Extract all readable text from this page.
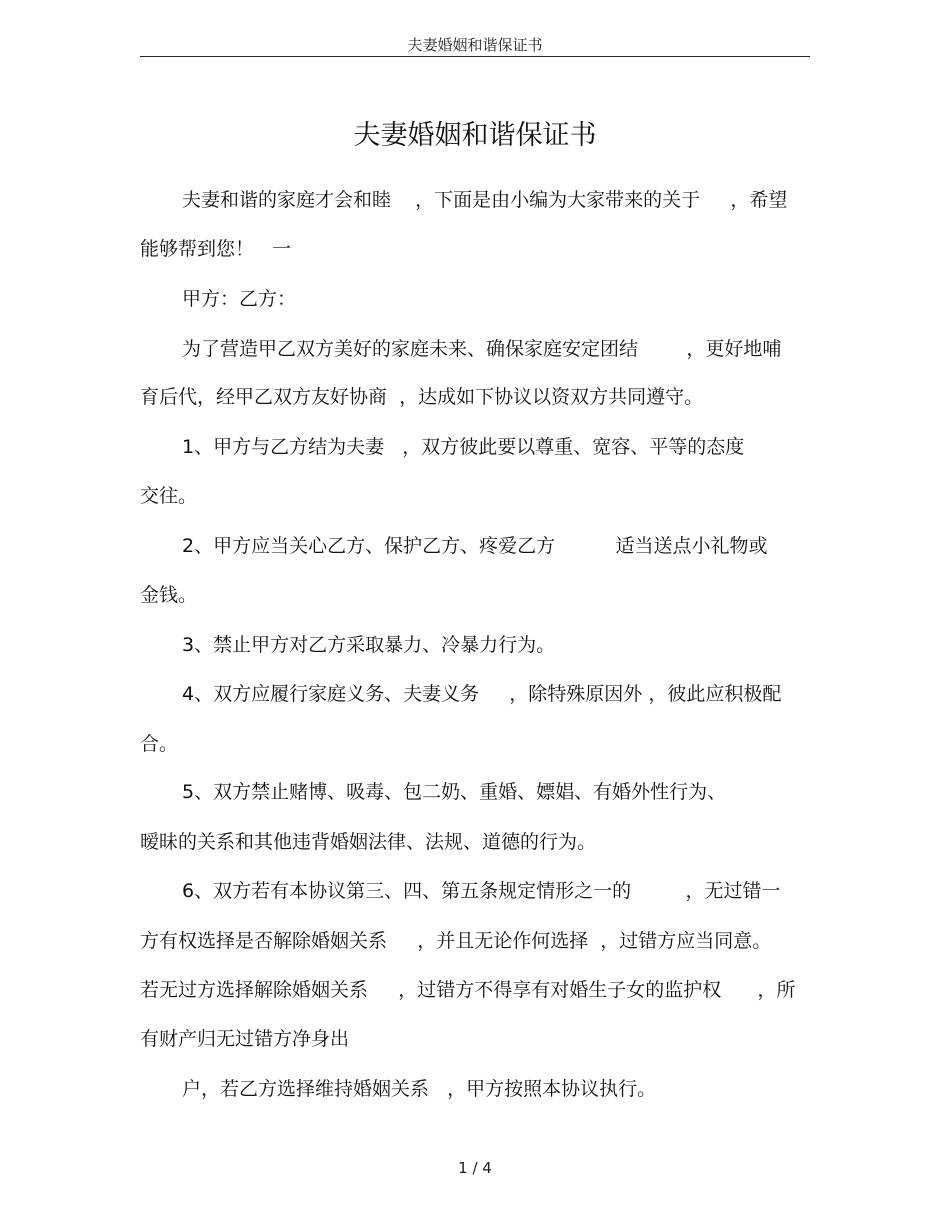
夫妻婚姻和谐保证书
夫妻婚姻和谐保证书
夫妻和谐的家庭才会和睦    ，下面是由小编为大家带来的关于     ，希望
能够帮到您！   一
甲方：乙方：
为了营造甲乙双方美好的家庭未来、确保家庭安定团结        ，更好地哺
育后代，经甲乙双方友好协商  ，达成如下协议以资双方共同遵守。
1、甲方与乙方结为夫妻   ，双方彼此要以尊重、宽容、平等的态度
交往。
2、甲方应当关心乙方、保护乙方、疼爱乙方          适当送点小礼物或
金钱。
3、禁止甲方对乙方采取暴力、冷暴力行为。
4、双方应履行家庭义务、夫妻义务     ，除特殊原因外 ，彼此应积极配
合。
5、双方禁止赌博、吸毒、包二奶、重婚、嫖娼、有婚外性行为、
暧昧的关系和其他违背婚姻法律、法规、道德的行为。
6、双方若有本协议第三、四、第五条规定情形之一的         ，无过错一
方有权选择是否解除婚姻关系     ，并且无论作何选择  ，过错方应当同意。
若无过方选择解除婚姻关系     ，过错方不得享有对婚生子女的监护权      ，所
有财产归无过错方净身出
户，若乙方选择维持婚姻关系   ，甲方按照本协议执行。
1 / 4
